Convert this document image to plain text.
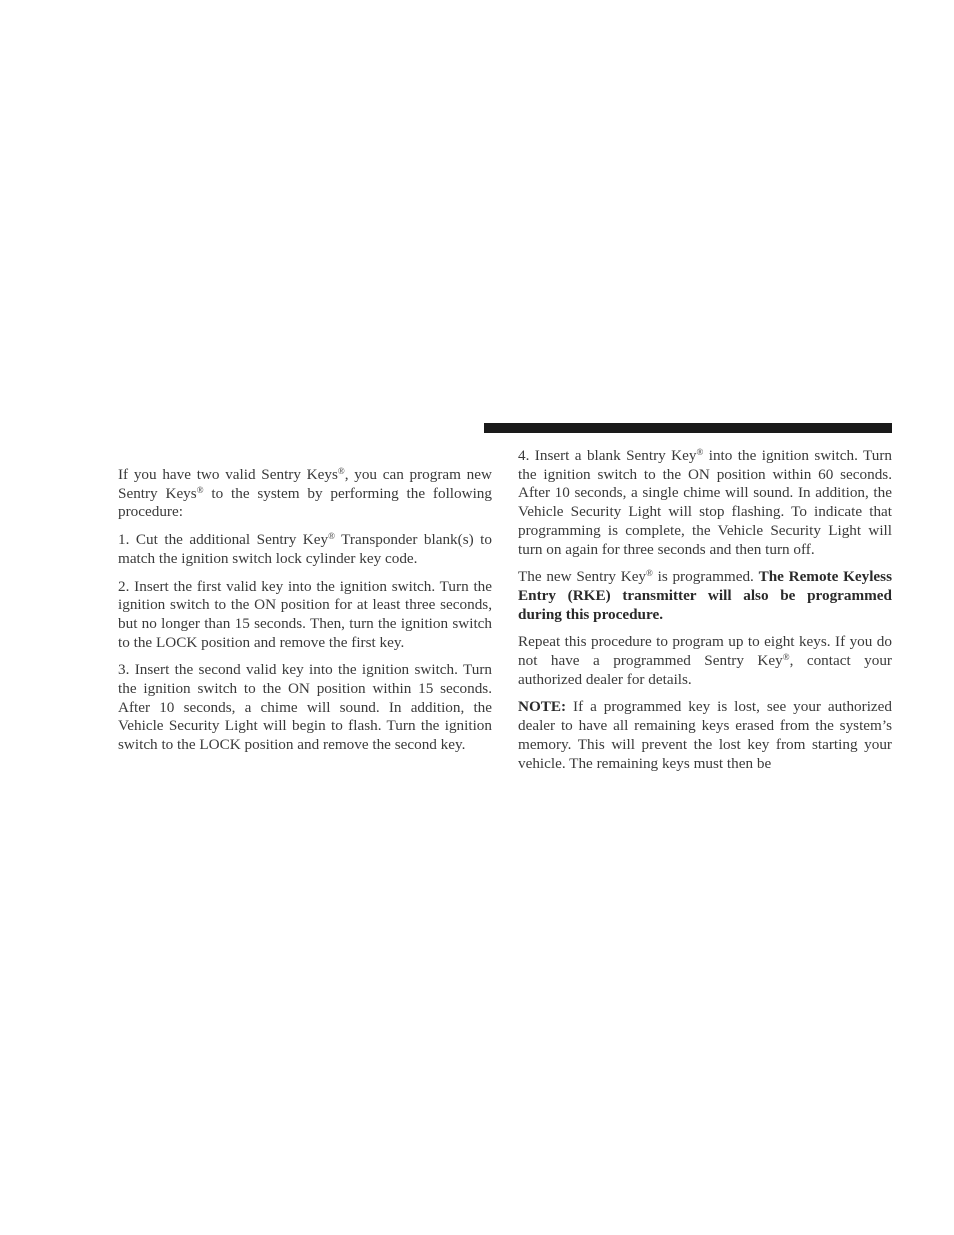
If you have two valid Sentry Keys®, you can program new Sentry Keys® to the system by performing the following procedure:

1. Cut the additional Sentry Key® Transponder blank(s) to match the ignition switch lock cylinder key code.

2. Insert the first valid key into the ignition switch. Turn the ignition switch to the ON position for at least three seconds, but no longer than 15 seconds. Then, turn the ignition switch to the LOCK position and remove the first key.

3. Insert the second valid key into the ignition switch. Turn the ignition switch to the ON position within 15 seconds. After 10 seconds, a chime will sound. In addition, the Vehicle Security Light will begin to flash. Turn the ignition switch to the LOCK position and remove the second key.

4. Insert a blank Sentry Key® into the ignition switch. Turn the ignition switch to the ON position within 60 seconds. After 10 seconds, a single chime will sound. In addition, the Vehicle Security Light will stop flashing. To indicate that programming is complete, the Vehicle Security Light will turn on again for three seconds and then turn off.

The new Sentry Key® is programmed. The Remote Keyless Entry (RKE) transmitter will also be programmed during this procedure.

Repeat this procedure to program up to eight keys. If you do not have a programmed Sentry Key®, contact your authorized dealer for details.

NOTE: If a programmed key is lost, see your authorized dealer to have all remaining keys erased from the system’s memory. This will prevent the lost key from starting your vehicle. The remaining keys must then be
